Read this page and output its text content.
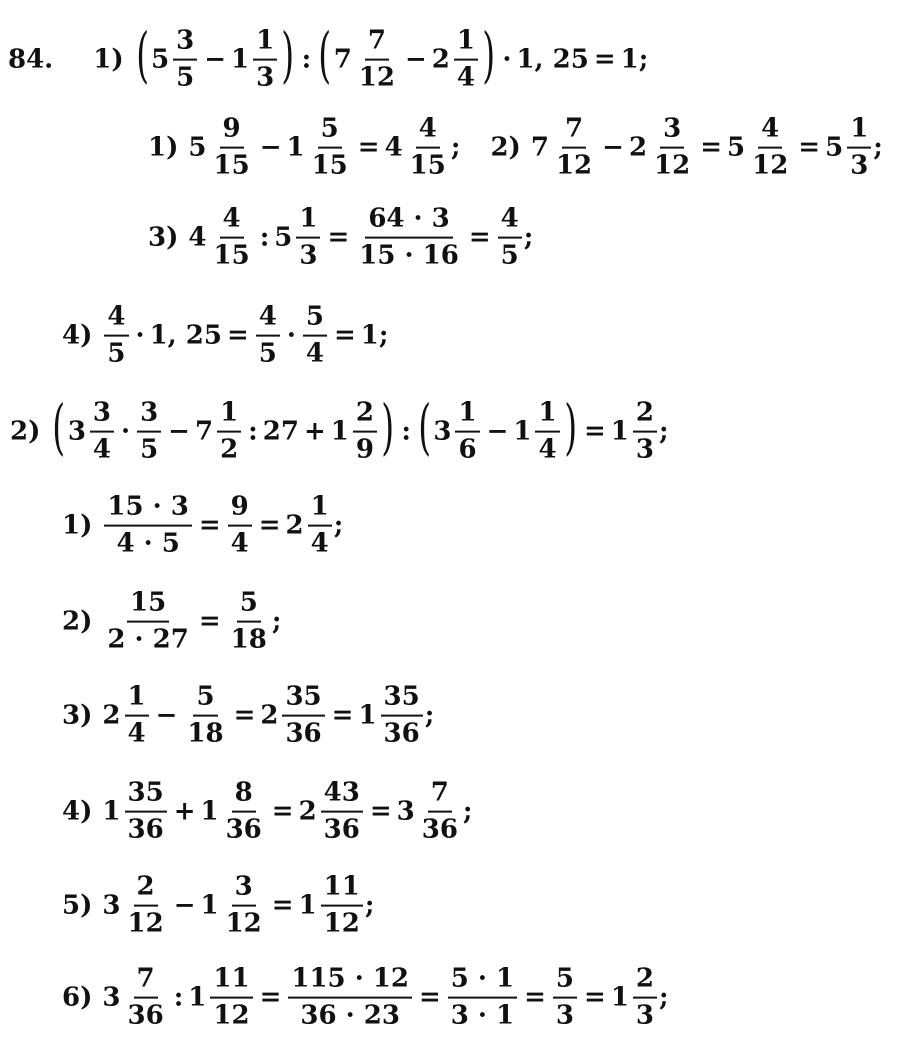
84. 1) ( $5 \frac{3}{5} - 1 \frac{1}{3}$ ) : ( $7 \frac{7}{12} - 2 \frac{1}{4}$ ) · 1, 25 = 1;
1) $5 \frac{9}{15} - 1 \frac{5}{15} = 4 \frac{4}{15}$ ; 2) $7 \frac{7}{12} - 2 \frac{3}{12} = 5 \frac{4}{12} = 5 \frac{1}{3}$ ;
3) $4 \frac{4}{15}$ : $5 \frac{1}{3} = \frac{64 \cdot 3}{15 \cdot 16} = \frac{4}{5}$ ;
$4) \frac{4}{5} \cdot 1$, $25 = \frac{4}{5} \cdot \frac{5}{4} = 1$;
2) ( $3 \frac{3}{4} \cdot \frac{3}{5} - 7 \frac{1}{2}$ : $27 + 1 \frac{2}{9}$ ) : ( $3 \frac{1}{6} - 1 \frac{1}{4}$ ) = $1 \frac{2}{3}$ ;
$1) \frac{15 \cdot 3}{4 \cdot 5} = \frac{9}{4} = 2 \frac{1}{4}$ ;
$2) \frac{15}{2 \cdot 27} = \frac{5}{18}$ ;
3) $2 \frac{1}{4} - \frac{5}{18} = 2 \frac{35}{36} = 1 \frac{35}{36}$ ;
4) $1 \frac{35}{36} + 1 \frac{8}{36} = 2 \frac{43}{36} = 3 \frac{7}{36}$ ;
5) $3 \frac{2}{12} - 1 \frac{3}{12} = 1 \frac{11}{12}$ ;
6) $3 \frac{7}{36}$ : $1 \frac{11}{12} = \frac{115 \cdot 12}{36 \cdot 23} = \frac{5 \cdot 1}{3 \cdot 1} = \frac{5}{3} = 1 \frac{2}{3}$ ;
